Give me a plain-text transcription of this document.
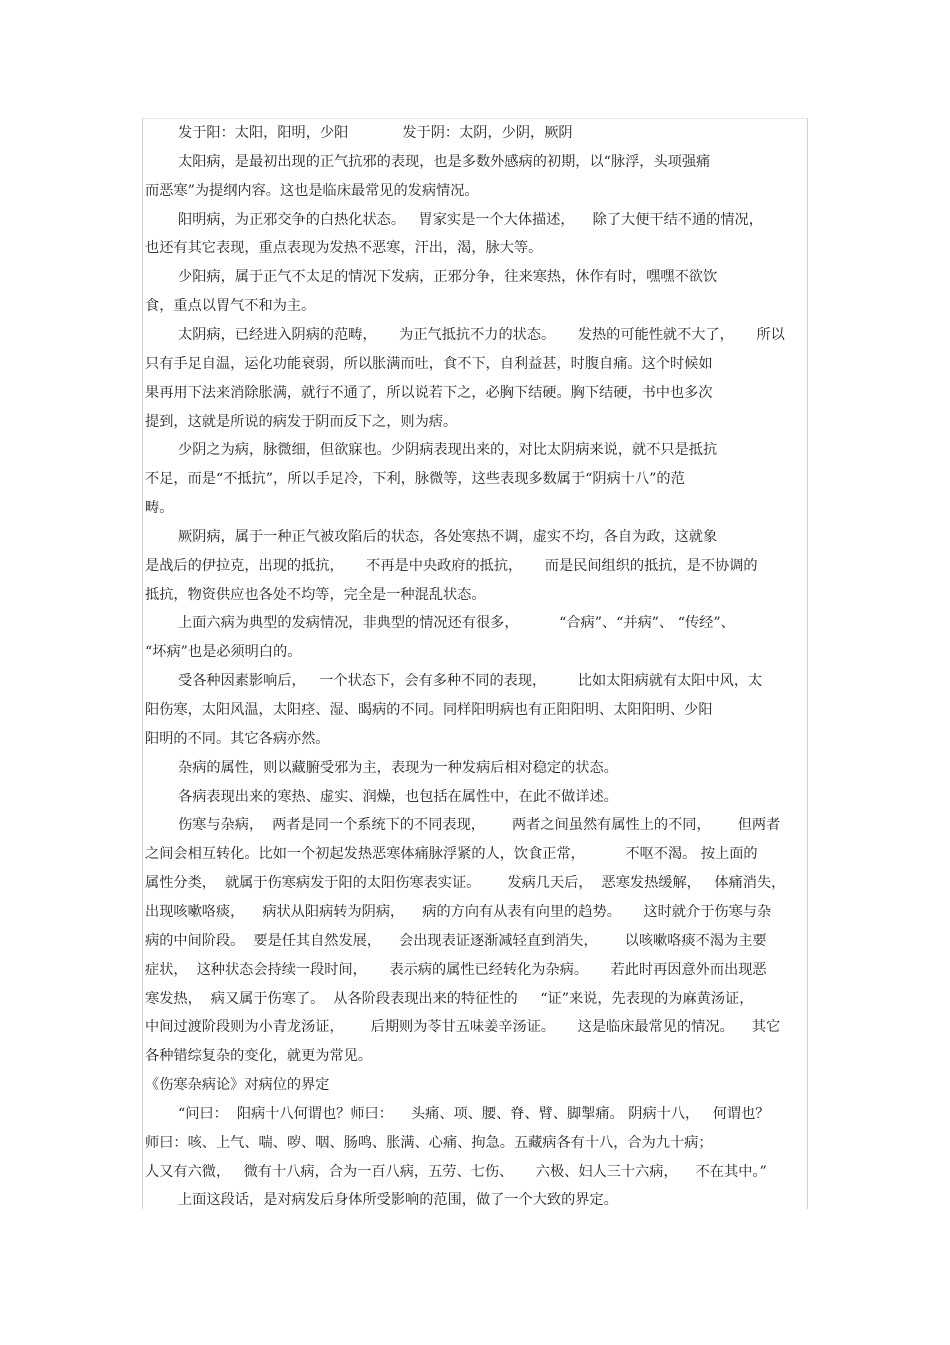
发于阳：太阳，阳明，少阳            发于阴：太阴，少阴，厥阴
太阳病，是最初出现的正气抗邪的表现，也是多数外感病的初期，以“脉浮，头项强痛
而恶寒”为提纲内容。这也是临床最常见的发病情况。
阳明病，为正邪交争的白热化状态。   胃家实是一个大体描述，    除了大便干结不通的情况，
也还有其它表现，重点表现为发热不恶寒，汗出，渴，脉大等。
少阳病，属于正气不太足的情况下发病，正邪分争，往来寒热，休作有时，嘿嘿不欲饮
食，重点以胃气不和为主。
太阴病，已经进入阴病的范畴，     为正气抵抗不力的状态。     发热的可能性就不大了，     所以
只有手足自温，运化功能衰弱，所以胀满而吐，食不下，自利益甚，时腹自痛。这个时候如
果再用下法来消除胀满，就行不通了，所以说若下之，必胸下结硬。胸下结硬，书中也多次
提到，这就是所说的病发于阴而反下之，则为痞。
少阴之为病，脉微细，但欲寐也。少阴病表现出来的，对比太阴病来说，就不只是抵抗
不足，而是“不抵抗”，所以手足冷，下利，脉微等，这些表现多数属于“阴病十八”的范
畴。
厥阴病，属于一种正气被攻陷后的状态，各处寒热不调，虚实不均，各自为政，这就象
是战后的伊拉克，出现的抵抗，     不再是中央政府的抵抗，     而是民间组织的抵抗，是不协调的
抵抗，物资供应也各处不均等，完全是一种混乱状态。
上面六病为典型的发病情况，非典型的情况还有很多，         “合病”、“并病”、 “传经”、
“坏病”也是必须明白的。
受各种因素影响后，   一个状态下，会有多种不同的表现，       比如太阳病就有太阳中风，太
阳伤寒，太阳风温，太阳痉、湿、暍病的不同。同样阳明病也有正阳阳明、太阳阳明、少阳
阳明的不同。其它各病亦然。
杂病的属性，则以藏腑受邪为主，表现为一种发病后相对稳定的状态。
各病表现出来的寒热、虚实、润燥，也包括在属性中，在此不做详述。
伤寒与杂病，  两者是同一个系统下的不同表现，      两者之间虽然有属性上的不同，      但两者
之间会相互转化。比如一个初起发热恶寒体痛脉浮紧的人，饮食正常，         不呕不渴。 按上面的
属性分类，  就属于伤寒病发于阳的太阳伤寒表实证。      发病几天后，  恶寒发热缓解，   体痛消失，
出现咳嗽咯痰，    病状从阳病转为阴病，    病的方向有从表有向里的趋势。     这时就介于伤寒与杂
病的中间阶段。  要是任其自然发展，    会出现表证逐渐减轻直到消失，      以咳嗽咯痰不渴为主要
症状，  这种状态会持续一段时间，     表示病的属性已经转化为杂病。     若此时再因意外而出现恶
寒发热，  病又属于伤寒了。  从各阶段表现出来的特征性的     “证”来说，先表现的为麻黄汤证，
中间过渡阶段则为小青龙汤证，      后期则为苓甘五味姜辛汤证。     这是临床最常见的情况。    其它
各种错综复杂的变化，就更为常见。
《伤寒杂病论》对病位的界定
“问曰：  阳病十八何谓也？师曰：    头痛、项、腰、脊、臂、脚掣痛。 阴病十八，   何谓也？
师曰：咳、上气、喘、哕、咽、肠鸣、胀满、心痛、拘急。五藏病各有十八，合为九十病；
人又有六微，   微有十八病，合为一百八病，五劳、七伤、     六极、妇人三十六病，    不在其中。”
上面这段话，是对病发后身体所受影响的范围，做了一个大致的界定。
